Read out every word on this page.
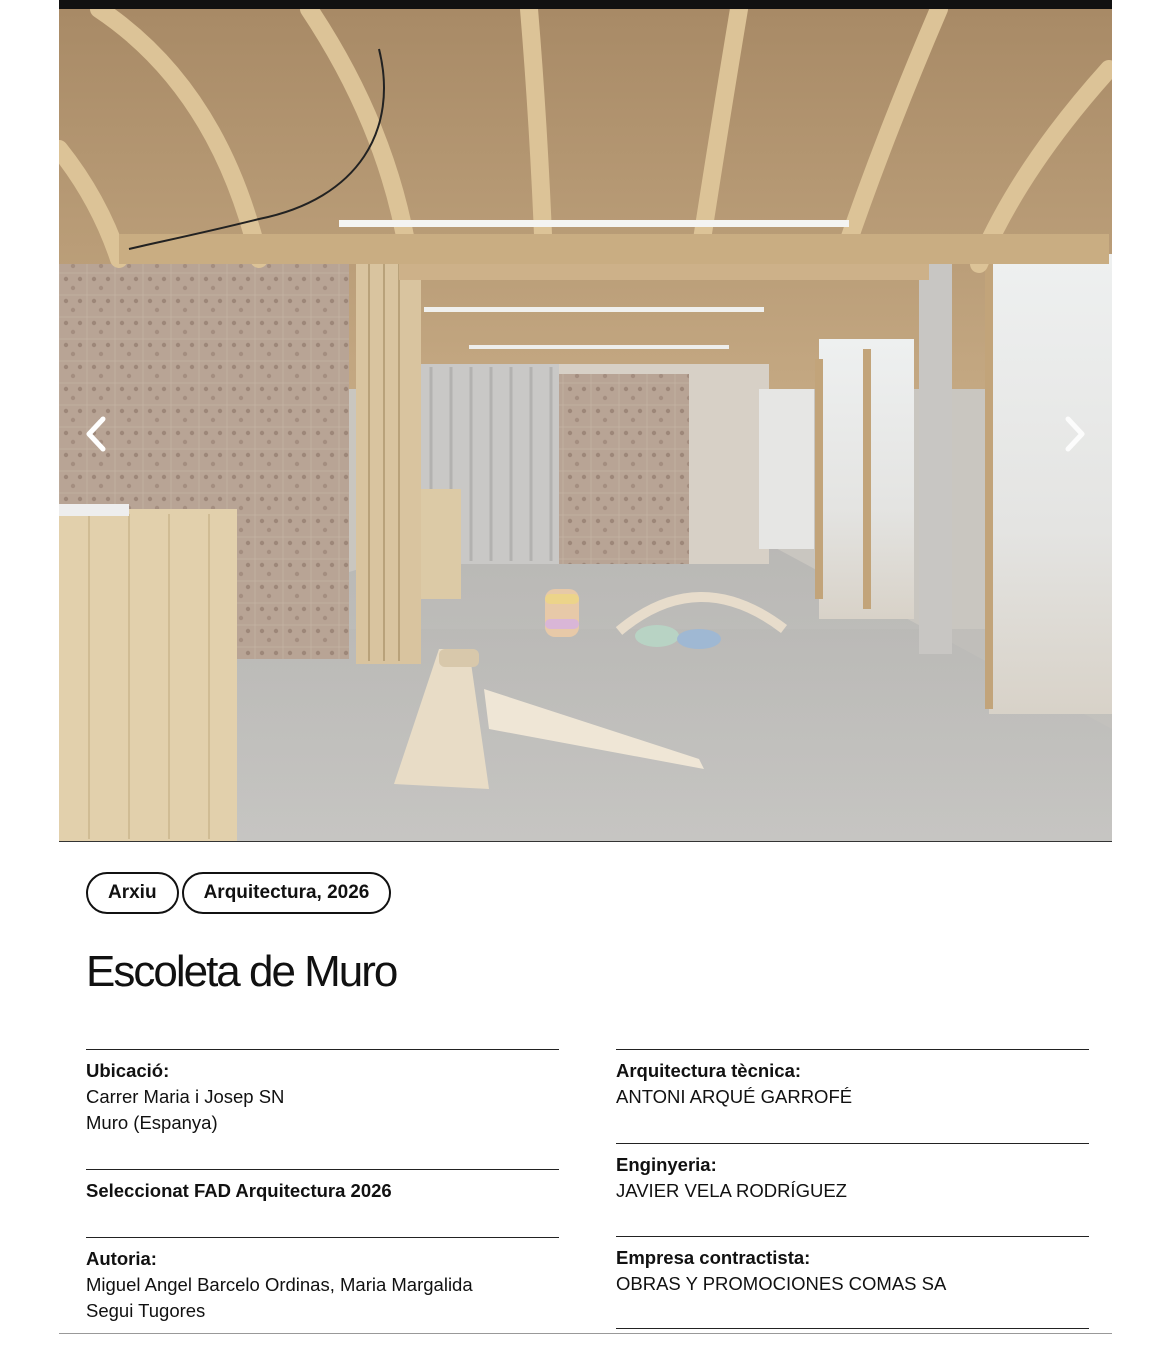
Arxiu	Arquitectura, 2026
Escoleta de Muro
Ubicació:
Carrer Maria i Josep SN
Muro (Espanya)
Seleccionat FAD Arquitectura 2026
Autoria:
Miguel Angel Barcelo Ordinas, Maria Margalida
Segui Tugores
Arquitectura tècnica:
ANTONI ARQUÉ GARROFÉ
Enginyeria:
JAVIER VELA RODRÍGUEZ
Empresa contractista:
OBRAS Y PROMOCIONES COMAS SA
